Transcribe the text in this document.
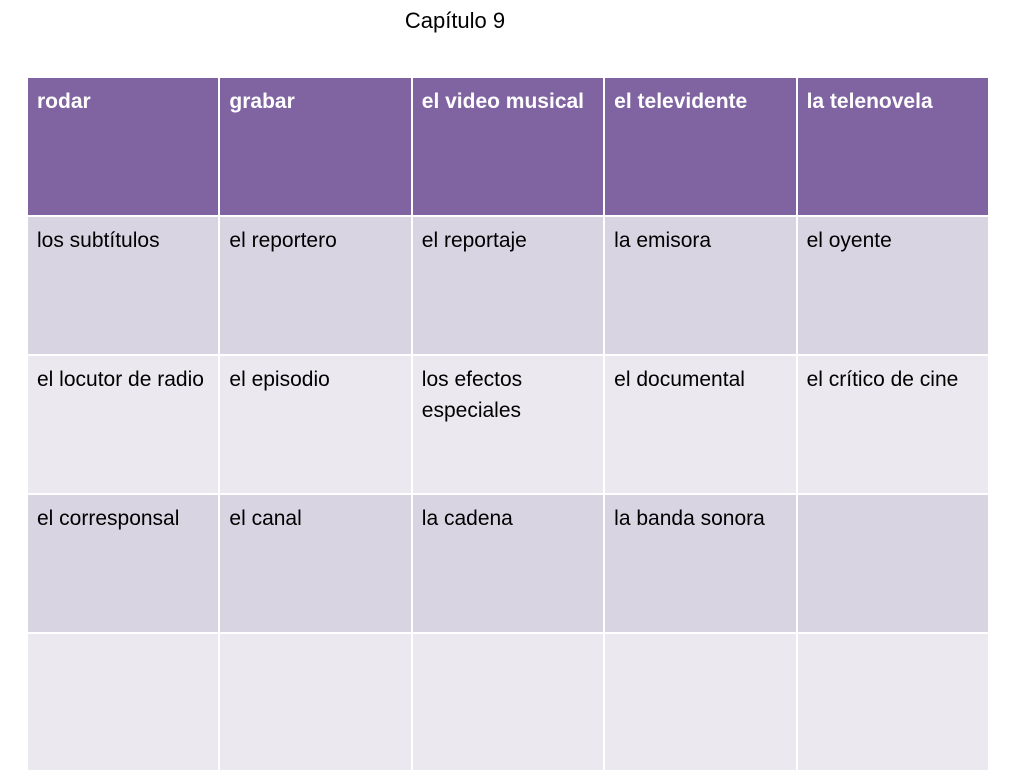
Capítulo 9
rodar	grabar	el video musical	el televidente	la telenovela
los subtítulos	el reportero	el reportaje	la emisora	el oyente
el locutor de radio	el episodio	los efectos especiales	el documental	el crítico de cine
el corresponsal	el canal	la cadena	la banda sonora	
